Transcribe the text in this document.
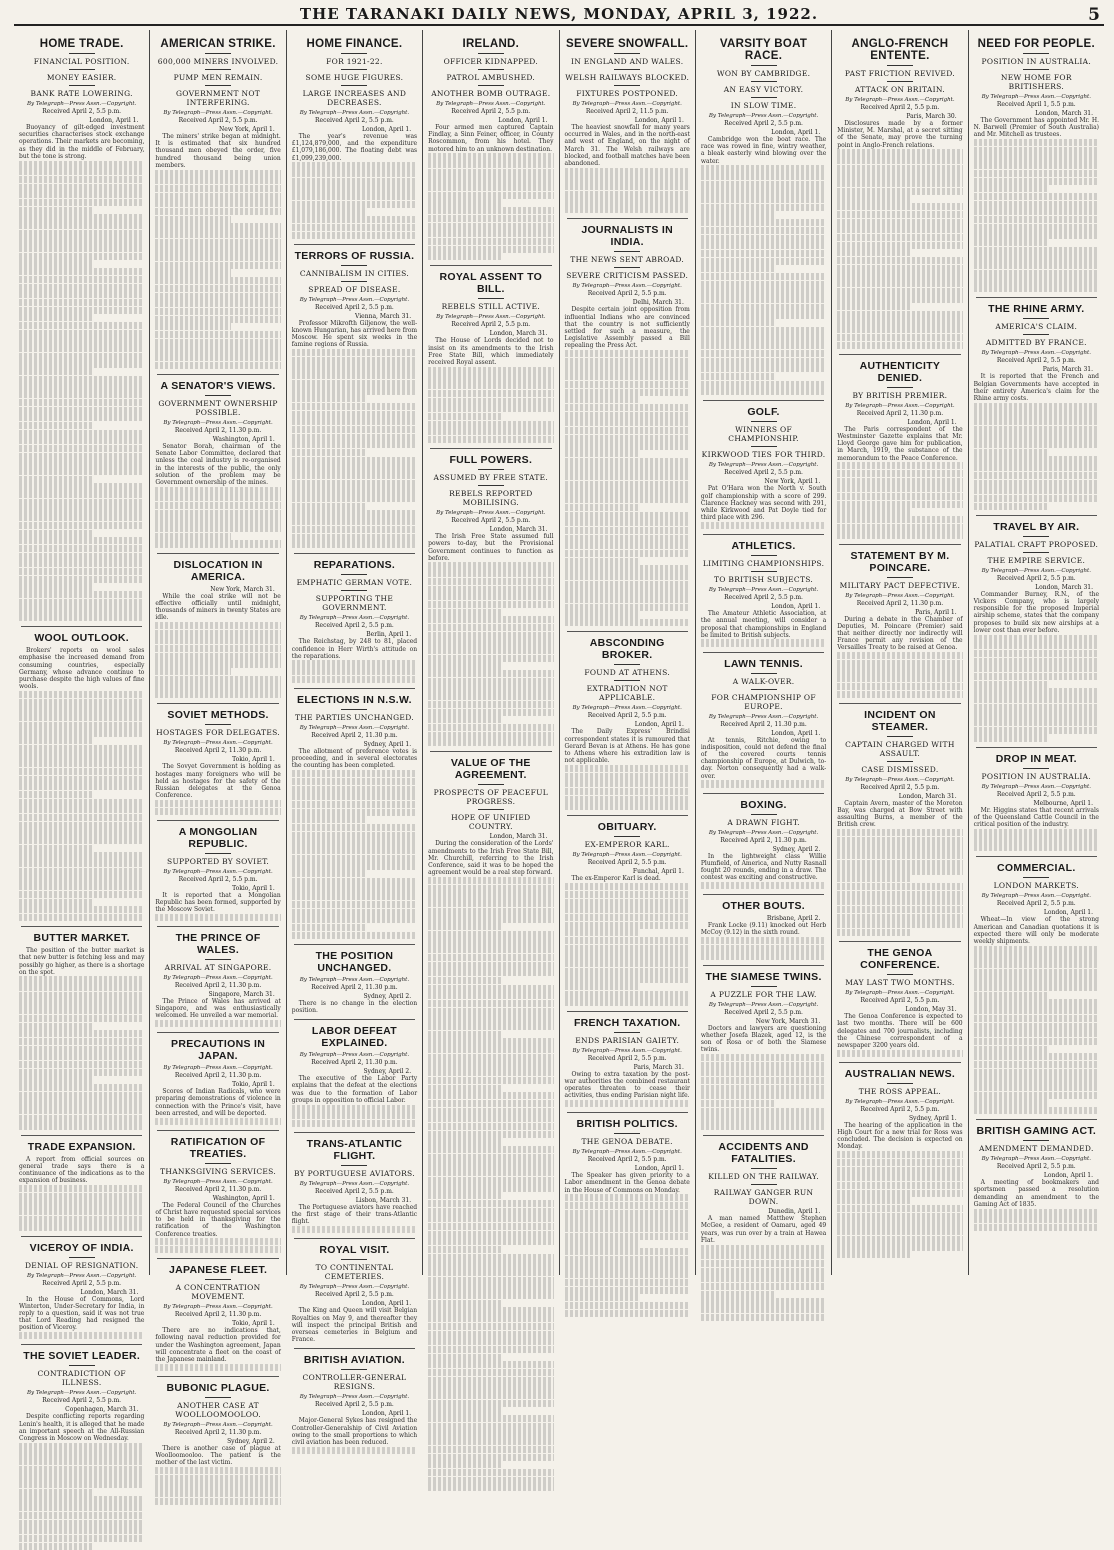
THE TARANAKI DAILY NEWS, MONDAY, APRIL 3, 1922.	5
HOME TRADE.
FINANCIAL POSITION.
MONEY EASIER.
BANK RATE LOWERING.
By Telegraph—Press Assn.—Copyright.
Received April 2, 5.5 p.m.
London, April 1.
Buoyancy of gilt-edged investment securities characterises stock exchange operations. Their markets are becoming, as they did in the middle of February, but the tone is strong.
WOOL OUTLOOK.
Brokers' reports on wool sales emphasise the increased demand from consuming countries, especially Germany, whose advance continue to purchase despite the high values of fine wools.
BUTTER MARKET.
The position of the butter market is that new butter is fetching less and may possibly go higher, as there is a shortage on the spot.
TRADE EXPANSION.
A report from official sources on general trade says there is a continuance of the indications as to the expansion of business.
VICEROY OF INDIA.
DENIAL OF RESIGNATION.
By Telegraph—Press Assn.—Copyright.
Received April 2, 5.5 p.m.
London, March 31.
In the House of Commons, Lord Winterton, Under-Secretary for India, in reply to a question, said it was not true that Lord Reading had resigned the position of Viceroy.
THE SOVIET LEADER.
CONTRADICTION OF ILLNESS.
By Telegraph—Press Assn.—Copyright.
Received April 2, 5.5 p.m.
Copenhagen, March 31.
Despite conflicting reports regarding Lenin's health, it is alleged that he made an important speech at the All-Russian Congress in Moscow on Wednesday.
AMERICAN STRIKE.
600,000 MINERS INVOLVED.
PUMP MEN REMAIN.
GOVERNMENT NOT INTERFERING.
By Telegraph—Press Assn.—Copyright.
Received April 2, 5.5 p.m.
New York, April 1.
The miners' strike began at midnight. It is estimated that six hundred thousand men obeyed the order, five hundred thousand being union members.
A SENATOR'S VIEWS.
GOVERNMENT OWNERSHIP POSSIBLE.
By Telegraph—Press Assn.—Copyright.
Received April 2, 11.30 p.m.
Washington, April 1.
Senator Borah, chairman of the Senate Labor Committee, declared that unless the coal industry is re-organised in the interests of the public, the only solution of the problem may be Government ownership of the mines.
DISLOCATION IN AMERICA.
New York, March 31.
While the coal strike will not be effective officially until midnight, thousands of miners in twenty States are idle.
SOVIET METHODS.
HOSTAGES FOR DELEGATES.
By Telegraph—Press Assn.—Copyright.
Received April 2, 11.30 p.m.
Tokio, April 1.
The Sovyet Government is holding as hostages many foreigners who will be held as hostages for the safety of the Russian delegates at the Genoa Conference.
A MONGOLIAN REPUBLIC.
SUPPORTED BY SOVIET.
By Telegraph—Press Assn.—Copyright.
Received April 2, 5.5 p.m.
Tokio, April 1.
It is reported that a Mongolian Republic has been formed, supported by the Moscow Soviet.
THE PRINCE OF WALES.
ARRIVAL AT SINGAPORE.
By Telegraph—Press Assn.—Copyright.
Received April 2, 11.30 p.m.
Singapore, March 31.
The Prince of Wales has arrived at Singapore, and was enthusiastically welcomed. He unveiled a war memorial.
PRECAUTIONS IN JAPAN.
By Telegraph—Press Assn.—Copyright.
Received April 2, 11.30 p.m.
Tokio, April 1.
Scores of Indian Radicals, who were preparing demonstrations of violence in connection with the Prince's visit, have been arrested, and will be deported.
RATIFICATION OF TREATIES.
THANKSGIVING SERVICES.
By Telegraph—Press Assn.—Copyright.
Received April 2, 11.30 p.m.
Washington, April 1.
The Federal Council of the Churches of Christ have requested special services to be held in thanksgiving for the ratification of the Washington Conference treaties.
JAPANESE FLEET.
A CONCENTRATION MOVEMENT.
By Telegraph—Press Assn.—Copyright.
Received April 2, 11.30 p.m.
Tokio, April 1.
There are no indications that, following naval reduction provided for under the Washington agreement, Japan will concentrate a fleet on the coast of the Japanese mainland.
BUBONIC PLAGUE.
ANOTHER CASE AT WOOLLOOMOOLOO.
By Telegraph—Press Assn.—Copyright.
Received April 2, 11.30 p.m.
Sydney, April 2.
There is another case of plague at Woolloomooloo. The patient is the mother of the last victim.
HOME FINANCE.
FOR 1921-22.
SOME HUGE FIGURES.
LARGE INCREASES AND DECREASES.
By Telegraph—Press Assn.—Copyright.
Received April 2, 5.5 p.m.
London, April 1.
The year's revenue was £1,124,879,000, and the expenditure £1,079,186,000. The floating debt was £1,099,239,000.
TERRORS OF RUSSIA.
CANNIBALISM IN CITIES.
SPREAD OF DISEASE.
By Telegraph—Press Assn.—Copyright.
Received April 2, 5.5 p.m.
Vienna, March 31.
Professor Mikrofth Giljenow, the well-known Hungarian, has arrived here from Moscow. He spent six weeks in the famine regions of Russia.
REPARATIONS.
EMPHATIC GERMAN VOTE.
SUPPORTING THE GOVERNMENT.
By Telegraph—Press Assn.—Copyright.
Received April 2, 5.5 p.m.
Berlin, April 1.
The Reichstag, by 248 to 81, placed confidence in Herr Wirth's attitude on the reparations.
ELECTIONS IN N.S.W.
THE PARTIES UNCHANGED.
By Telegraph—Press Assn.—Copyright.
Received April 2, 11.30 p.m.
Sydney, April 1.
The allotment of preference votes is proceeding, and in several electorates the counting has been completed.
THE POSITION UNCHANGED.
By Telegraph—Press Assn.—Copyright.
Received April 2, 11.30 p.m.
Sydney, April 2.
There is no change in the election position.
LABOR DEFEAT EXPLAINED.
By Telegraph—Press Assn.—Copyright.
Received April 2, 11.30 p.m.
Sydney, April 2.
The executive of the Labor Party explains that the defeat at the elections was due to the formation of Labor groups in opposition to official Labor.
TRANS-ATLANTIC FLIGHT.
BY PORTUGUESE AVIATORS.
By Telegraph—Press Assn.—Copyright.
Received April 2, 5.5 p.m.
Lisbon, March 31.
The Portuguese aviators have reached the first stage of their trans-Atlantic flight.
ROYAL VISIT.
TO CONTINENTAL CEMETERIES.
By Telegraph—Press Assn.—Copyright.
Received April 2, 5.5 p.m.
London, April 1.
The King and Queen will visit Belgian Royalties on May 9, and thereafter they will inspect the principal British and overseas cemeteries in Belgium and France.
BRITISH AVIATION.
CONTROLLER-GENERAL RESIGNS.
By Telegraph—Press Assn.—Copyright.
Received April 2, 5.5 p.m.
London, April 1.
Major-General Sykes has resigned the Controller-Generalship of Civil Aviation owing to the small proportions to which civil aviation has been reduced.
IRELAND.
OFFICER KIDNAPPED.
PATROL AMBUSHED.
ANOTHER BOMB OUTRAGE.
By Telegraph—Press Assn.—Copyright.
Received April 2, 5.5 p.m.
London, April 1.
Four armed men captured Captain Findlay, a Sinn Feiner, officer, in County Roscommon, from his hotel. They motored him to an unknown destination.
ROYAL ASSENT TO BILL.
REBELS STILL ACTIVE.
By Telegraph—Press Assn.—Copyright.
Received April 2, 5.5 p.m.
London, March 31.
The House of Lords decided not to insist on its amendments to the Irish Free State Bill, which immediately received Royal assent.
FULL POWERS.
ASSUMED BY FREE STATE.
REBELS REPORTED MOBILISING.
By Telegraph—Press Assn.—Copyright.
Received April 2, 5.5 p.m.
London, March 31.
The Irish Free State assumed full powers to-day, but the Provisional Government continues to function as before.
VALUE OF THE AGREEMENT.
PROSPECTS OF PEACEFUL PROGRESS.
HOPE OF UNIFIED COUNTRY.
London, March 31.
During the consideration of the Lords' amendments to the Irish Free State Bill, Mr. Churchill, referring to the Irish Conference, said it was to be hoped the agreement would be a real step forward.
SEVERE SNOWFALL.
IN ENGLAND AND WALES.
WELSH RAILWAYS BLOCKED.
FIXTURES POSTPONED.
By Telegraph—Press Assn.—Copyright.
Received April 2, 11.5 p.m.
London, April 1.
The heaviest snowfall for many years occurred in Wales, and in the north-east and west of England, on the night of March 31. The Welsh railways are blocked, and football matches have been abandoned.
JOURNALISTS IN INDIA.
THE NEWS SENT ABROAD.
SEVERE CRITICISM PASSED.
By Telegraph—Press Assn.—Copyright.
Received April 2, 5.5 p.m.
Delhi, March 31.
Despite certain joint opposition from influential Indians who are convinced that the country is not sufficiently settled for such a measure, the Legislative Assembly passed a Bill repealing the Press Act.
ABSCONDING BROKER.
FOUND AT ATHENS.
EXTRADITION NOT APPLICABLE.
By Telegraph—Press Assn.—Copyright.
Received April 2, 5.5 p.m.
London, April 1.
The Daily Express' Brindisi correspondent states it is rumoured that Gerard Bevan is at Athens. He has gone to Athens where his extradition law is not applicable.
OBITUARY.
EX-EMPEROR KARL.
By Telegraph—Press Assn.—Copyright.
Received April 2, 5.5 p.m.
Funchal, April 1.
The ex-Emperor Karl is dead.
FRENCH TAXATION.
ENDS PARISIAN GAIETY.
By Telegraph—Press Assn.—Copyright.
Received April 2, 5.5 p.m.
Paris, March 31.
Owing to extra taxation by the post-war authorities the combined restaurant operates threaten to cease their activities, thus ending Parisian night life.
BRITISH POLITICS.
THE GENOA DEBATE.
By Telegraph—Press Assn.—Copyright.
Received April 2, 5.5 p.m.
London, April 1.
The Speaker has given priority to a Labor amendment in the Genoa debate in the House of Commons on Monday.
VARSITY BOAT RACE.
WON BY CAMBRIDGE.
AN EASY VICTORY.
IN SLOW TIME.
By Telegraph—Press Assn.—Copyright.
Received April 2, 5.5 p.m.
London, April 1.
Cambridge won the boat race. The race was rowed in fine, wintry weather, a bleak easterly wind blowing over the water.
GOLF.
WINNERS OF CHAMPIONSHIP.
KIRKWOOD TIES FOR THIRD.
By Telegraph—Press Assn.—Copyright.
Received April 2, 5.5 p.m.
New York, April 1.
Pat O'Hara won the North v. South golf championship with a score of 299. Clarence Hackney was second with 291, while Kirkwood and Pat Doyle tied for third place with 296.
ATHLETICS.
LIMITING CHAMPIONSHIPS.
TO BRITISH SUBJECTS.
By Telegraph—Press Assn.—Copyright.
Received April 2, 5.5 p.m.
London, April 1.
The Amateur Athletic Association, at the annual meeting, will consider a proposal that championships in England be limited to British subjects.
LAWN TENNIS.
A WALK-OVER.
FOR CHAMPIONSHIP OF EUROPE.
By Telegraph—Press Assn.—Copyright.
Received April 2, 11.30 p.m.
London, April 1.
At tennis, Ritchie, owing to indisposition, could not defend the final of the covered courts tennis championship of Europe, at Dulwich, to-day. Norton consequently had a walk-over.
BOXING.
A DRAWN FIGHT.
By Telegraph—Press Assn.—Copyright.
Received April 2, 11.30 p.m.
Sydney, April 2.
In the lightweight class Willie Plumfield, of America, and Nutty Rasnall fought 20 rounds, ending in a draw. The contest was exciting and constructive.
OTHER BOUTS.
Brisbane, April 2.
Frank Locke (9.11) knocked out Herb McCoy (9.12) in the sixth round.
THE SIAMESE TWINS.
A PUZZLE FOR THE LAW.
By Telegraph—Press Assn.—Copyright.
Received April 2, 5.5 p.m.
New York, March 31.
Doctors and lawyers are questioning whether Josefa Blazek, aged 12, is the son of Rosa or of both the Siamese twins.
ACCIDENTS AND FATALITIES.
KILLED ON THE RAILWAY.
RAILWAY GANGER RUN DOWN.
Dunedin, April 1.
A man named Matthew Stephen McGee, a resident of Oamaru, aged 49 years, was run over by a train at Hawea Flat.
ANGLO-FRENCH ENTENTE.
PAST FRICTION REVIVED.
ATTACK ON BRITAIN.
By Telegraph—Press Assn.—Copyright.
Received April 2, 5.5 p.m.
Paris, March 30.
Disclosures made by a former Minister, M. Marshal, at a secret sitting of the Senate, may prove the turning point in Anglo-French relations.
AUTHENTICITY DENIED.
BY BRITISH PREMIER.
By Telegraph—Press Assn.—Copyright.
Received April 2, 11.30 p.m.
London, April 1.
The Paris correspondent of the Westminster Gazette explains that Mr. Lloyd George gave him for publication, in March, 1919, the substance of the memorandum to the Peace Conference.
STATEMENT BY M. POINCARE.
MILITARY PACT DEFECTIVE.
By Telegraph—Press Assn.—Copyright.
Received April 2, 11.30 p.m.
Paris, April 1.
During a debate in the Chamber of Deputies, M. Poincare (Premier) said that neither directly nor indirectly will France permit any revision of the Versailles Treaty to be raised at Genoa.
INCIDENT ON STEAMER.
CAPTAIN CHARGED WITH ASSAULT.
CASE DISMISSED.
By Telegraph—Press Assn.—Copyright.
Received April 2, 5.5 p.m.
London, March 31.
Captain Avern, master of the Moreton Bay, was charged at Bow Street with assaulting Burns, a member of the British crew.
THE GENOA CONFERENCE.
MAY LAST TWO MONTHS.
By Telegraph—Press Assn.—Copyright.
Received April 2, 5.5 p.m.
London, May 31.
The Genoa Conference is expected to last two months. There will be 600 delegates and 700 journalists, including the Chinese correspondent of a newspaper 3200 years old.
AUSTRALIAN NEWS.
THE ROSS APPEAL.
By Telegraph—Press Assn.—Copyright.
Received April 2, 5.5 p.m.
Sydney, April 1.
The hearing of the application in the High Court for a new trial for Ross was concluded. The decision is expected on Monday.
NEED FOR PEOPLE.
POSITION IN AUSTRALIA.
NEW HOME FOR BRITISHERS.
By Telegraph—Press Assn.—Copyright.
Received April 1, 5.5 p.m.
London, March 31.
The Government has appointed Mr. H. N. Barwell (Premier of South Australia) and Mr. Mitchell as trustees.
THE RHINE ARMY.
AMERICA'S CLAIM.
ADMITTED BY FRANCE.
By Telegraph—Press Assn.—Copyright.
Received April 2, 5.5 p.m.
Paris, March 31.
It is reported that the French and Belgian Governments have accepted in their entirety America's claim for the Rhine army costs.
TRAVEL BY AIR.
PALATIAL CRAFT PROPOSED.
THE EMPIRE SERVICE.
By Telegraph—Press Assn.—Copyright.
Received April 2, 5.5 p.m.
London, March 31.
Commander Burney, R.N., of the Vickers Company, who is largely responsible for the proposed Imperial airship scheme, states that the company proposes to build six new airships at a lower cost than ever before.
DROP IN MEAT.
POSITION IN AUSTRALIA.
By Telegraph—Press Assn.—Copyright.
Received April 2, 5.5 p.m.
Melbourne, April 1.
Mr. Higgins states that recent arrivals of the Queensland Cattle Council in the critical position of the industry.
COMMERCIAL.
LONDON MARKETS.
By Telegraph—Press Assn.—Copyright.
Received April 2, 5.5 p.m.
London, April 1.
Wheat—In view of the strong American and Canadian quotations it is expected there will only be moderate weekly shipments.
BRITISH GAMING ACT.
AMENDMENT DEMANDED.
By Telegraph—Press Assn.—Copyright.
Received April 2, 5.5 p.m.
London, April 1.
A meeting of bookmakers and sportsmen passed a resolution demanding an amendment to the Gaming Act of 1835.
